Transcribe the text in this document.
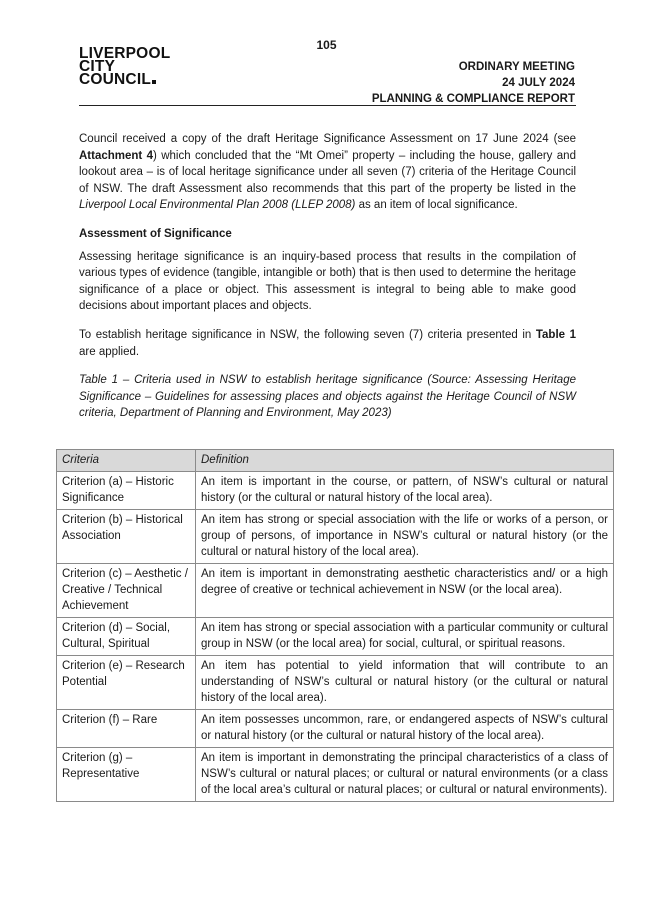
105
LIVERPOOL
CITY
COUNCIL
ORDINARY MEETING
24 JULY 2024
PLANNING & COMPLIANCE REPORT

Council received a copy of the draft Heritage Significance Assessment on 17 June 2024 (see Attachment 4) which concluded that the “Mt Omei” property – including the house, gallery and lookout area – is of local heritage significance under all seven (7) criteria of the Heritage Council of NSW. The draft Assessment also recommends that this part of the property be listed in the Liverpool Local Environmental Plan 2008 (LLEP 2008) as an item of local significance.

Assessment of Significance

Assessing heritage significance is an inquiry-based process that results in the compilation of various types of evidence (tangible, intangible or both) that is then used to determine the heritage significance of a place or object. This assessment is integral to being able to make good decisions about important places and objects.

To establish heritage significance in NSW, the following seven (7) criteria presented in Table 1 are applied.

Table 1 – Criteria used in NSW to establish heritage significance (Source: Assessing Heritage Significance – Guidelines for assessing places and objects against the Heritage Council of NSW criteria, Department of Planning and Environment, May 2023)

Criteria	Definition
Criterion (a) – Historic Significance	An item is important in the course, or pattern, of NSW’s cultural or natural history (or the cultural or natural history of the local area).
Criterion (b) – Historical Association	An item has strong or special association with the life or works of a person, or group of persons, of importance in NSW’s cultural or natural history (or the cultural or natural history of the local area).
Criterion (c) – Aesthetic / Creative / Technical Achievement	An item is important in demonstrating aesthetic characteristics and/ or a high degree of creative or technical achievement in NSW (or the local area).
Criterion (d) – Social, Cultural, Spiritual	An item has strong or special association with a particular community or cultural group in NSW (or the local area) for social, cultural, or spiritual reasons.
Criterion (e) – Research Potential	An item has potential to yield information that will contribute to an understanding of NSW’s cultural or natural history (or the cultural or natural history of the local area).
Criterion (f) – Rare	An item possesses uncommon, rare, or endangered aspects of NSW’s cultural or natural history (or the cultural or natural history of the local area).
Criterion (g) – Representative	An item is important in demonstrating the principal characteristics of a class of NSW’s cultural or natural places; or cultural or natural environments (or a class of the local area’s cultural or natural places; or cultural or natural environments).
